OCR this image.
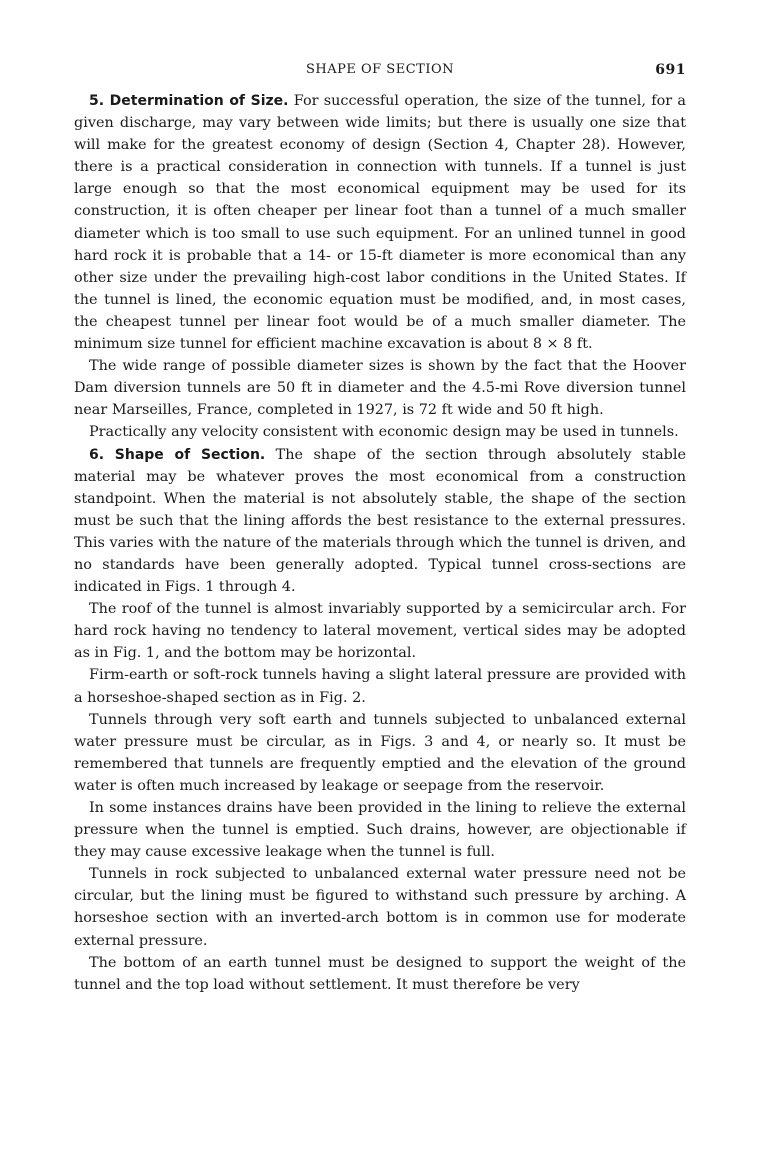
SHAPE OF SECTION	691

5. Determination of Size. For successful operation, the size of the tunnel, for a given discharge, may vary between wide limits; but there is usually one size that will make for the greatest economy of design (Section 4, Chapter 28). However, there is a practical consideration in connection with tunnels. If a tunnel is just large enough so that the most economical equipment may be used for its construction, it is often cheaper per linear foot than a tunnel of a much smaller diameter which is too small to use such equipment. For an unlined tunnel in good hard rock it is probable that a 14- or 15-ft diameter is more economical than any other size under the prevailing high-cost labor conditions in the United States. If the tunnel is lined, the economic equation must be modified, and, in most cases, the cheapest tunnel per linear foot would be of a much smaller diameter. The minimum size tunnel for efficient machine excavation is about 8 × 8 ft.

The wide range of possible diameter sizes is shown by the fact that the Hoover Dam diversion tunnels are 50 ft in diameter and the 4.5-mi Rove diversion tunnel near Marseilles, France, completed in 1927, is 72 ft wide and 50 ft high.

Practically any velocity consistent with economic design may be used in tunnels.

6. Shape of Section. The shape of the section through absolutely stable material may be whatever proves the most economical from a construction standpoint. When the material is not absolutely stable, the shape of the section must be such that the lining affords the best resistance to the external pressures. This varies with the nature of the materials through which the tunnel is driven, and no standards have been generally adopted. Typical tunnel cross-sections are indicated in Figs. 1 through 4.

The roof of the tunnel is almost invariably supported by a semicircular arch. For hard rock having no tendency to lateral movement, vertical sides may be adopted as in Fig. 1, and the bottom may be horizontal.

Firm-earth or soft-rock tunnels having a slight lateral pressure are provided with a horseshoe-shaped section as in Fig. 2.

Tunnels through very soft earth and tunnels subjected to unbalanced external water pressure must be circular, as in Figs. 3 and 4, or nearly so. It must be remembered that tunnels are frequently emptied and the elevation of the ground water is often much increased by leakage or seepage from the reservoir.

In some instances drains have been provided in the lining to relieve the external pressure when the tunnel is emptied. Such drains, however, are objectionable if they may cause excessive leakage when the tunnel is full.

Tunnels in rock subjected to unbalanced external water pressure need not be circular, but the lining must be figured to withstand such pressure by arching. A horseshoe section with an inverted-arch bottom is in common use for moderate external pressure.

The bottom of an earth tunnel must be designed to support the weight of the tunnel and the top load without settlement. It must therefore be very
